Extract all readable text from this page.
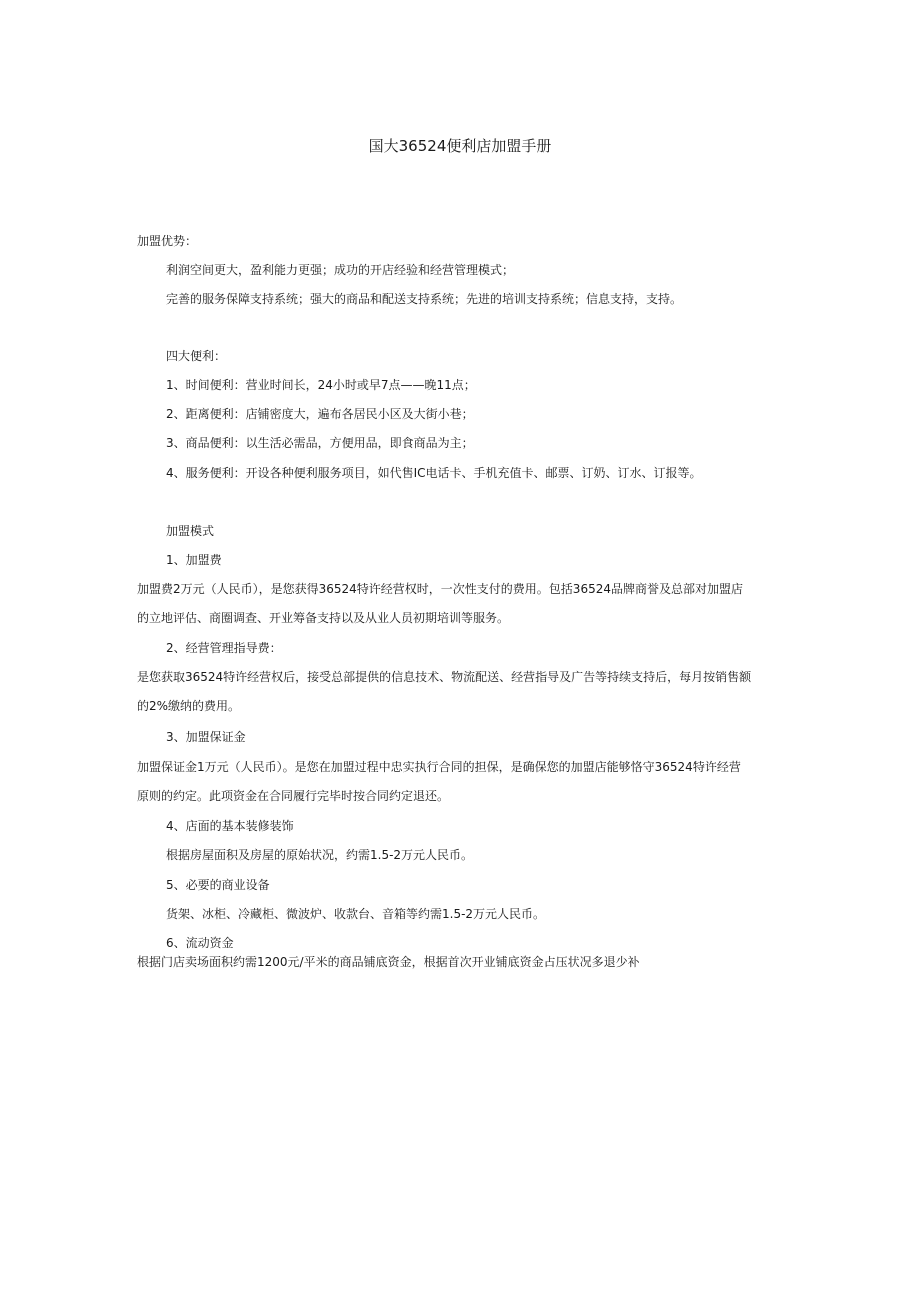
国大36524便利店加盟手册
加盟优势：
利润空间更大，盈利能力更强；成功的开店经验和经营管理模式；
完善的服务保障支持系统；强大的商品和配送支持系统；先进的培训支持系统；信息支持，支持。
四大便利：
1、时间便利：营业时间长，24小时或早7点——晚11点；
2、距离便利：店铺密度大，遍布各居民小区及大街小巷；
3、商品便利：以生活必需品，方便用品，即食商品为主；
4、服务便利：开设各种便利服务项目，如代售IC电话卡、手机充值卡、邮票、订奶、订水、订报等。
加盟模式
1、加盟费
加盟费2万元（人民币），是您获得36524特许经营权时，一次性支付的费用。包括36524品牌商誉及总部对加盟店
的立地评估、商圈调查、开业筹备支持以及从业人员初期培训等服务。
2、经营管理指导费：
是您获取36524特许经营权后，接受总部提供的信息技术、物流配送、经营指导及广告等持续支持后，每月按销售额
的2%缴纳的费用。
3、加盟保证金
加盟保证金1万元（人民币）。是您在加盟过程中忠实执行合同的担保，是确保您的加盟店能够恪守36524特许经营
原则的约定。此项资金在合同履行完毕时按合同约定退还。
4、店面的基本装修装饰
根据房屋面积及房屋的原始状况，约需1.5-2万元人民币。
5、必要的商业设备
货架、冰柜、冷藏柜、微波炉、收款台、音箱等约需1.5-2万元人民币。
6、流动资金
根据门店卖场面积约需1200元/平米的商品铺底资金，根据首次开业铺底资金占压状况多退少补
